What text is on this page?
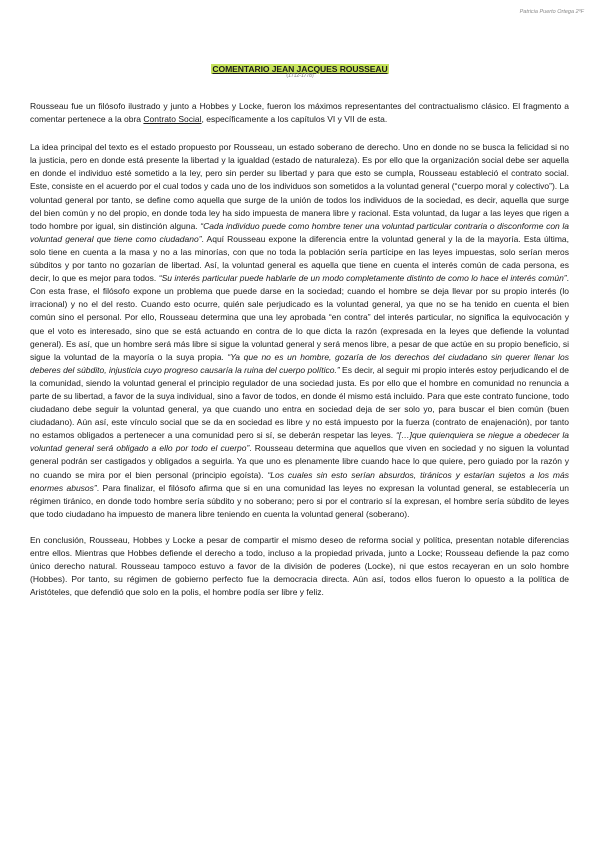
Patricia Puerto Ortega 2ºF
COMENTARIO JEAN JACQUES ROUSSEAU
(1712-1778)

Rousseau fue un filósofo ilustrado y junto a Hobbes y Locke, fueron los máximos representantes del contractualismo clásico. El fragmento a comentar pertenece a la obra Contrato Social, específicamente a los capítulos VI y VII de esta.

La idea principal del texto es el estado propuesto por Rousseau, un estado soberano de derecho. Uno en donde no se busca la felicidad si no la justicia, pero en donde está presente la libertad y la igualdad (estado de naturaleza). Es por ello que la organización social debe ser aquella en donde el individuo esté sometido a la ley, pero sin perder su libertad y para que esto se cumpla, Rousseau estableció el contrato social. Este, consiste en el acuerdo por el cual todos y cada uno de los individuos son sometidos a la voluntad general (“cuerpo moral y colectivo”). La voluntad general por tanto, se define como aquella que surge de la unión de todos los individuos de la sociedad, es decir, aquella que surge del bien común y no del propio, en donde toda ley ha sido impuesta de manera libre y racional. Esta voluntad, da lugar a las leyes que rigen a todo hombre por igual, sin distinción alguna. “Cada individuo puede como hombre tener una voluntad particular contraria o disconforme con la voluntad general que tiene como ciudadano”. Aquí Rousseau expone la diferencia entre la voluntad general y la de la mayoría. Esta última, solo tiene en cuenta a la masa y no a las minorías, con que no toda la población sería partícipe en las leyes impuestas, solo serían meros súbditos y por tanto no gozarían de libertad. Así, la voluntad general es aquella que tiene en cuenta el interés común de cada persona, es decir, lo que es mejor para todos. “Su interés particular puede hablarle de un modo completamente distinto de como lo hace el interés común”. Con esta frase, el filósofo expone un problema que puede darse en la sociedad; cuando el hombre se deja llevar por su propio interés (lo irracional) y no el del resto. Cuando esto ocurre, quién sale perjudicado es la voluntad general, ya que no se ha tenido en cuenta el bien común sino el personal. Por ello, Rousseau determina que una ley aprobada “en contra” del interés particular, no significa la equivocación y que el voto es interesado, sino que se está actuando en contra de lo que dicta la razón (expresada en la leyes que defiende la voluntad general). Es así, que un hombre será más libre si sigue la voluntad general y será menos libre, a pesar de que actúe en su propio beneficio, si sigue la voluntad de la mayoría o la suya propia. “Ya que no es un hombre, gozaría de los derechos del ciudadano sin querer llenar los deberes del súbdito, injusticia cuyo progreso causaría la ruina del cuerpo político.” Es decir, al seguir mi propio interés estoy perjudicando el de la comunidad, siendo la voluntad general el principio regulador de una sociedad justa. Es por ello que el hombre en comunidad no renuncia a parte de su libertad, a favor de la suya individual, sino a favor de todos, en donde él mismo está incluido. Para que este contrato funcione, todo ciudadano debe seguir la voluntad general, ya que cuando uno entra en sociedad deja de ser solo yo, para buscar el bien común (buen ciudadano). Aún así, este vínculo social que se da en sociedad es libre y no está impuesto por la fuerza (contrato de enajenación), por tanto no estamos obligados a pertenecer a una comunidad pero si sí, se deberán respetar las leyes. “[…]que quienquiera se niegue a obedecer la voluntad general será obligado a ello por todo el cuerpo”. Rousseau determina que aquellos que viven en sociedad y no siguen la voluntad general podrán ser castigados y obligados a seguirla. Ya que uno es plenamente libre cuando hace lo que quiere, pero guiado por la razón y no cuando se mira por el bien personal (principio egoísta). “Los cuales sin esto serían absurdos, tiránicos y estarían sujetos a los más enormes abusos”. Para finalizar, el filósofo afirma que si en una comunidad las leyes no expresan la voluntad general, se establecería un régimen tiránico, en donde todo hombre sería súbdito y no soberano; pero si por el contrario sí la expresan, el hombre sería súbdito de leyes que todo ciudadano ha impuesto de manera libre teniendo en cuenta la voluntad general (soberano).

En conclusión, Rousseau, Hobbes y Locke a pesar de compartir el mismo deseo de reforma social y política, presentan notable diferencias entre ellos. Mientras que Hobbes defiende el derecho a todo, incluso a la propiedad privada, junto a Locke; Rousseau defiende la paz como único derecho natural. Rousseau tampoco estuvo a favor de la división de poderes (Locke), ni que estos recayeran en un solo hombre (Hobbes). Por tanto, su régimen de gobierno perfecto fue la democracia directa. Aún así, todos ellos fueron lo opuesto a la política de Aristóteles, que defendió que solo en la polis, el hombre podía ser libre y feliz.
